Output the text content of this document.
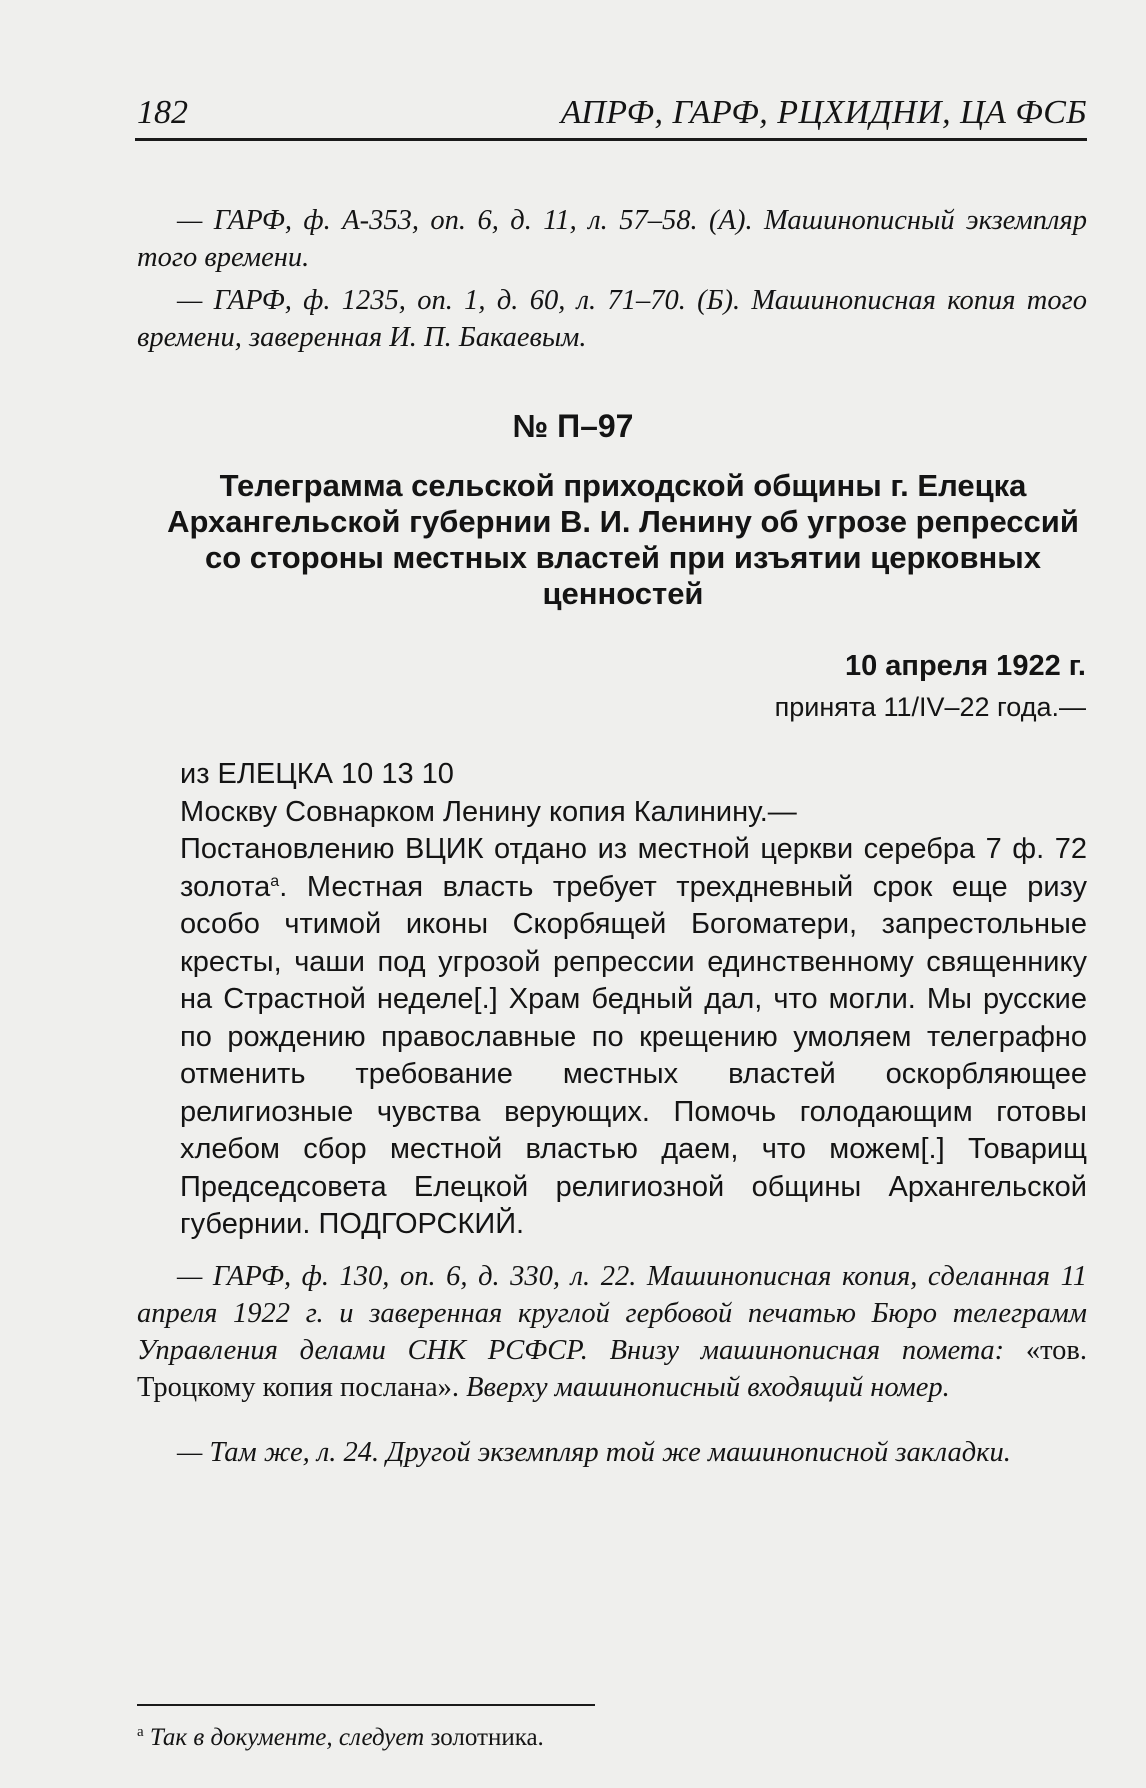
182	АПРФ, ГАРФ, РЦХИДНИ, ЦА ФСБ
— ГАРФ, ф. А-353, оп. 6, д. 11, л. 57–58. (А). Машинописный экземпляр того времени.
— ГАРФ, ф. 1235, оп. 1, д. 60, л. 71–70. (Б). Машинописная копия того времени, заверенная И. П. Бакаевым.
№ П–97
Телеграмма сельской приходской общины г. Елецка Архангельской губернии В. И. Ленину об угрозе репрессий со стороны местных властей при изъятии церковных ценностей
10 апреля 1922 г.
принята 11/IV–22 года.—

из ЕЛЕЦКА 10 13 10

Москву Совнарком Ленину копия Калинину.—

Постановлению ВЦИК отдано из местной церкви серебра 7 ф. 72 золота$^а$. Местная власть требует трехдневный срок еще ризу особо чтимой иконы Скорбящей Богоматери, запрестольные кресты, чаши под угрозой репрессии единственному священнику на Страстной неделе[.] Храм бедный дал, что могли. Мы русские по рождению православные по крещению умоляем телеграфно отменить требование местных властей оскорбляющее религиозные чувства верующих. Помочь голодающим готовы хлебом сбор местной властью даем, что можем[.] Товарищ Председсовета Елецкой религиозной общины Архангельской губернии. ПОДГОРСКИЙ.

— ГАРФ, ф. 130, оп. 6, д. 330, л. 22. Машинописная копия, сделанная 11 апреля 1922 г. и заверенная круглой гербовой печатью Бюро телеграмм Управления делами СНК РСФСР. Внизу машинописная пометa: «тов. Троцкому копия послана». Вверху машинописный входящий номер.
— Там же, л. 24. Другой экземпляр той же машинописной закладки.
$^а$ Так в документе, следует золотника.
